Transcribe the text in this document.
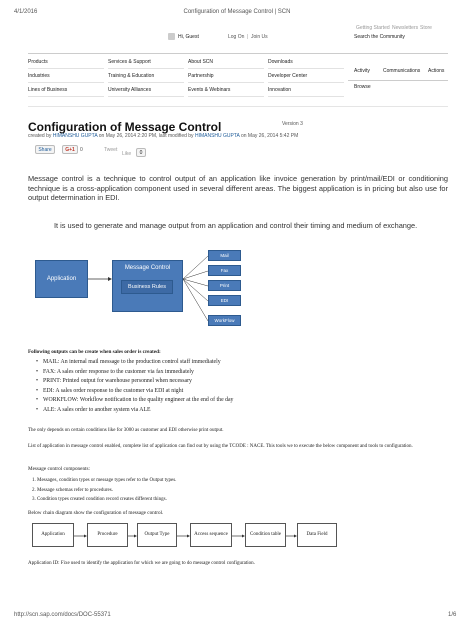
4/1/2016	Configuration of Message Control | SCN
Getting Started Newsletters Store
Hi, Guest	Log On | Join Us	Search the Community
Products
Industries
Lines of Business
Services & Support
Training & Education
University Alliances
About SCN
Partnership
Events & Webinars
Downloads
Developer Center
Innovation
Activity	Communications Actions
Browse
Configuration of Message Control	Version 3
created by HIMANSHU GUPTA on May 26, 2014 2:20 PM, last modified by HIMANSHU GUPTA on May 26, 2014 5:42 PM
Share	G+1	0	Tweet
Like	0
Message control is a technique to control output of an application like invoice generation by print/mail/EDI or conditioning technique is a cross-application component used in several different areas. The biggest application is in pricing but also use for output determination in EDI.
It is used to generate and manage output from an application and control their timing and medium of exchange.
Application
Message Control
Business Rules
Mail
Fax
Print
EDI
WorkFlow
Following outputs can be create when sales order is created:
• MAIL: An internal mail message to the production control staff immediately
• FAX: A sales order response to the customer via fax immediately
• PRINT: Printed output for warehouse personnel when necessary
• EDI: A sales order response to the customer via EDI at night
• WORKFLOW: Workflow notification to the quality engineer at the end of the day
• ALE: A sales order to another system via ALE
The only depends on certain conditions like for 3000 as customer and EDI otherwise print output.
List of application in message control enabled, complete list of application can find out by using the TCODE : NACE. This tools we to execute the below component and tools to configuration.
Message control components:
1. Messages, condition types or message types refer to the Output types.
2. Message schemas refer to procedures.
3. Condition types created condition record creates different things.
Below chain diagram show the configuration of message control.
Application	Procedure	Output Type	Access sequence	Condition table	Data Field
Application ID: Fixe used to identify the application for which we are going to do message control configuration.
http://scn.sap.com/docs/DOC-55371	1/6
